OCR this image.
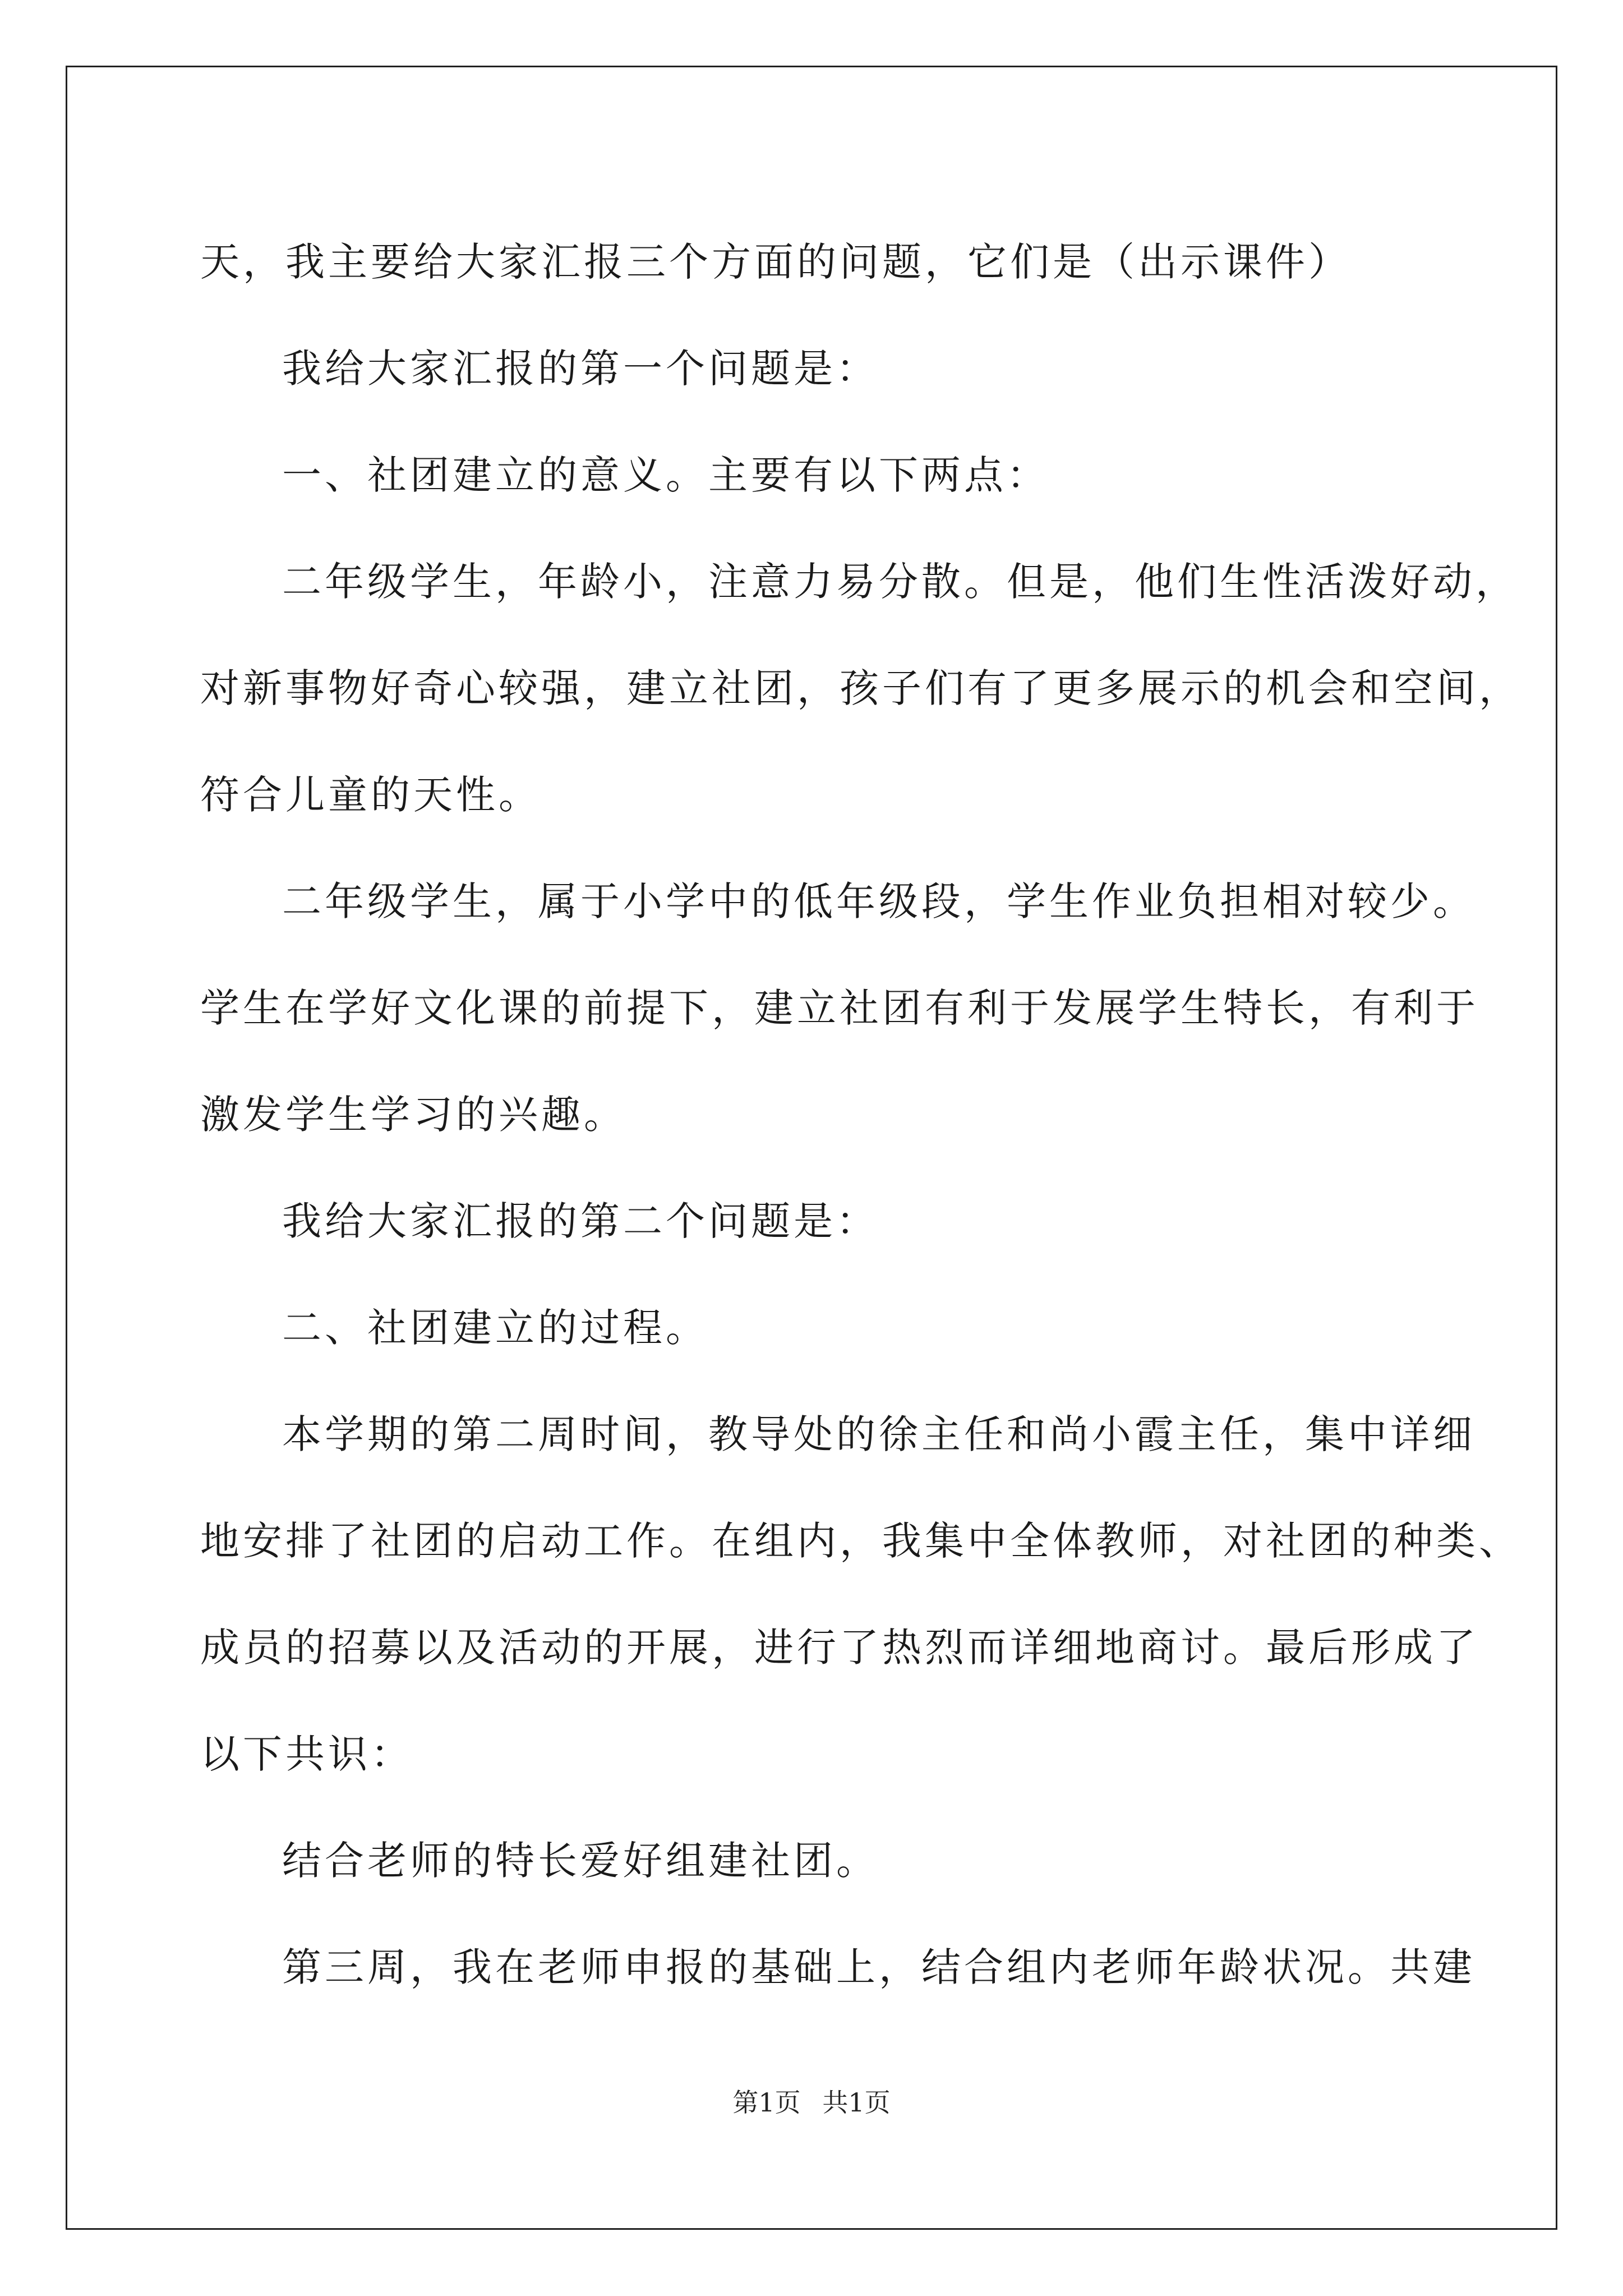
天，我主要给大家汇报三个方面的问题，它们是（出示课件）

我给大家汇报的第一个问题是：

一、社团建立的意义。主要有以下两点：

二年级学生，年龄小，注意力易分散。但是，他们生性活泼好动，

对新事物好奇心较强，建立社团，孩子们有了更多展示的机会和空间，

符合儿童的天性。

二年级学生，属于小学中的低年级段，学生作业负担相对较少。

学生在学好文化课的前提下，建立社团有利于发展学生特长，有利于

激发学生学习的兴趣。

我给大家汇报的第二个问题是：

二、社团建立的过程。

本学期的第二周时间，教导处的徐主任和尚小霞主任，集中详细

地安排了社团的启动工作。在组内，我集中全体教师，对社团的种类、

成员的招募以及活动的开展，进行了热烈而详细地商讨。最后形成了

以下共识：

结合老师的特长爱好组建社团。

第三周，我在老师申报的基础上，结合组内老师年龄状况。共建

第1页 共1页
